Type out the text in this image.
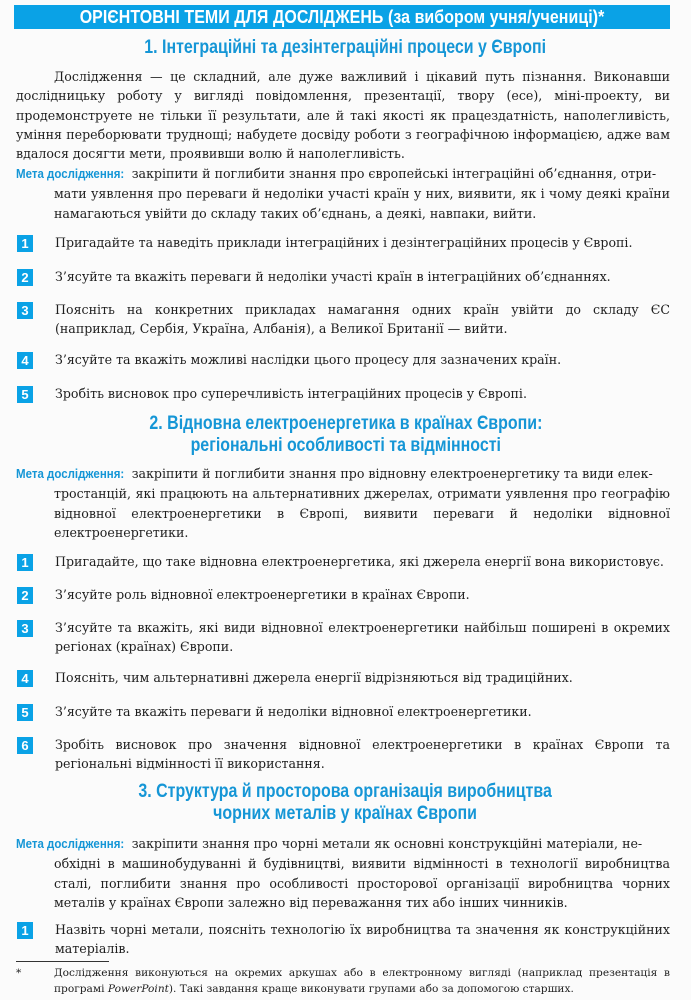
ОРІЄНТОВНІ ТЕМИ ДЛЯ ДОСЛІДЖЕНЬ (за вибором учня/учениці)*
1. Інтеграційні та дезінтеграційні процеси у Європі
Дослідження — це складний, але дуже важливий і цікавий путь пізнання. Виконавши дослідницьку роботу у вигляді повідомлення, презентації, твору (есе), міні-проекту, ви продемонструете не тільки її результати, але й такі якості як працездатність, наполегливість, уміння переборювати труднощі; набудете досвіду роботи з географічною інформацією, адже вам вдалося досягти мети, проявивши волю й наполегливість.
Мета дослідження: закріпити й поглибити знання про європейські інтеграційні об’єднання, отри-
мати уявлення про переваги й недоліки участі країн у них, виявити, як і чому деякі країни намагаються увійти до складу таких об’єднань, а деякі, навпаки, вийти.
1	Пригадайте та наведіть приклади інтеграційних і дезінтеграційних процесів у Європі.
2	З’ясуйте та вкажіть переваги й недоліки участі країн в інтеграційних об’єднаннях.
3	Поясніть на конкретних прикладах намагання одних країн увійти до складу ЄС (наприклад, Сербія, Україна, Албанія), а Великої Британії — вийти.
4	З’ясуйте та вкажіть можливі наслідки цього процесу для зазначених країн.
5	Зробіть висновок про суперечливість інтеграційних процесів у Європі.
2. Відновна електроенергетика в країнах Європи:
регіональні особливості та відмінності
Мета дослідження: закріпити й поглибити знання про відновну електроенергетику та види елек-
тростанцій, які працюють на альтернативних джерелах, отримати уявлення про географію відновної електроенергетики в Європі, виявити переваги й недоліки відновної електроенергетики.
1	Пригадайте, що таке відновна електроенергетика, які джерела енергії вона використовує.
2	З’ясуйте роль відновної електроенергетики в країнах Європи.
3	З’ясуйте та вкажіть, які види відновної електроенергетики найбільш поширені в окремих регіонах (країнах) Європи.
4	Поясніть, чим альтернативні джерела енергії відрізняються від традиційних.
5	З’ясуйте та вкажіть переваги й недоліки відновної електроенергетики.
6	Зробіть висновок про значення відновної електроенергетики в країнах Європи та регіональні відмінності її використання.
3. Структура й просторова організація виробництва
чорних металів у країнах Європи
Мета дослідження: закріпити знання про чорні метали як основні конструкційні матеріали, не-
обхідні в машинобудуванні й будівництві, виявити відмінності в технології виробництва сталі, поглибити знання про особливості просторової організації виробництва чорних металів у країнах Європи залежно від переважання тих або інших чинників.
1	Назвіть чорні метали, поясніть технологію їх виробництва та значення як конструкційних матеріалів.
*	Дослідження виконуються на окремих аркушах або в електронному вигляді (наприклад презентація в програмі PowerPoint). Такі завдання краще виконувати групами або за допомогою старших.
